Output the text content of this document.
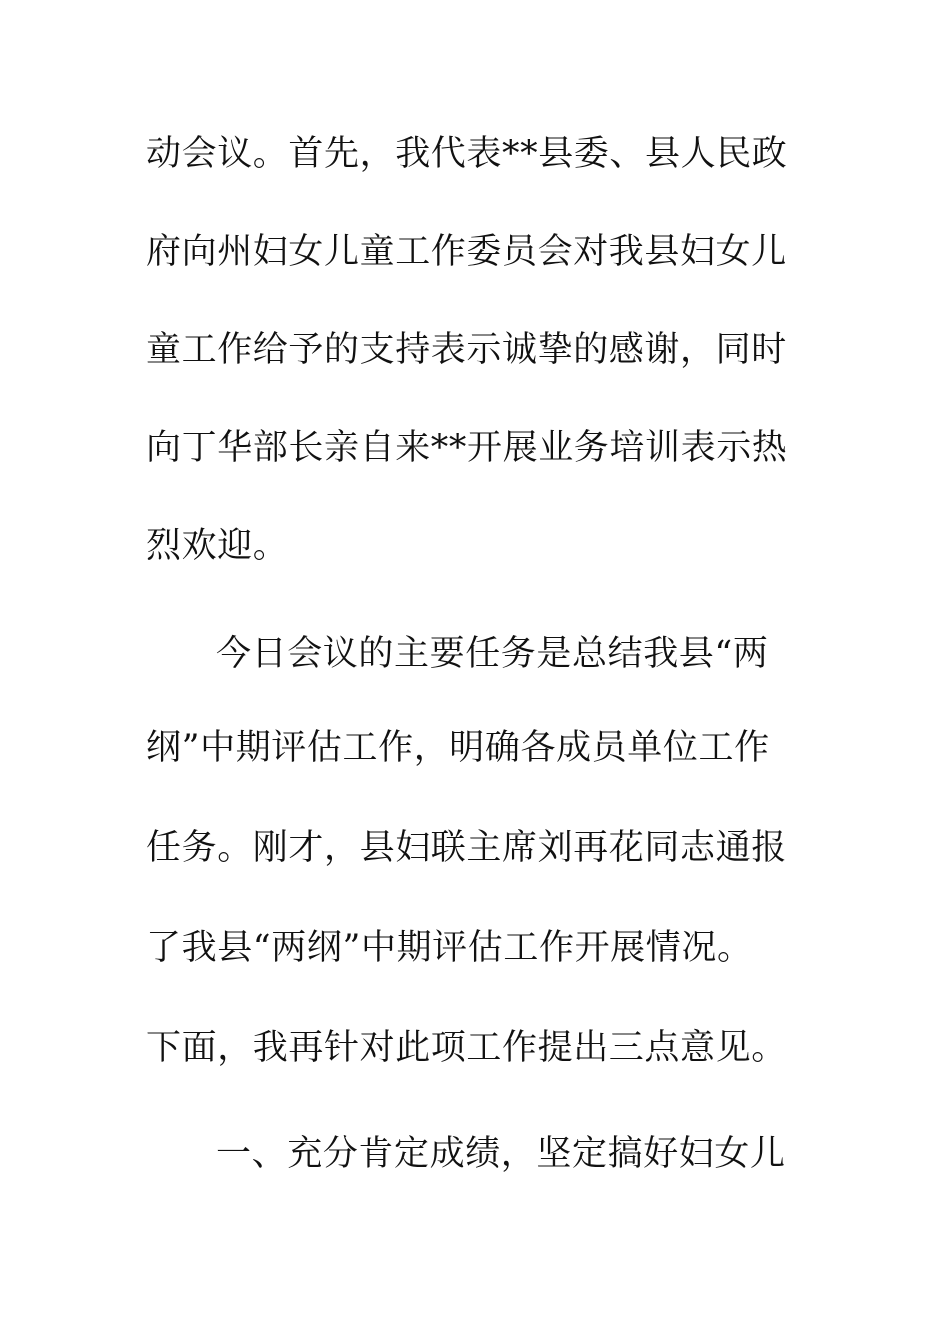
动会议。首先，我代表**县委、县人民政
府向州妇女儿童工作委员会对我县妇女儿
童工作给予的支持表示诚挚的感谢，同时
向丁华部长亲自来**开展业务培训表示热
烈欢迎。
今日会议的主要任务是总结我县“两
纲”中期评估工作，明确各成员单位工作
任务。刚才，县妇联主席刘再花同志通报
了我县“两纲”中期评估工作开展情况。
下面，我再针对此项工作提出三点意见。
一、充分肯定成绩，坚定搞好妇女儿
